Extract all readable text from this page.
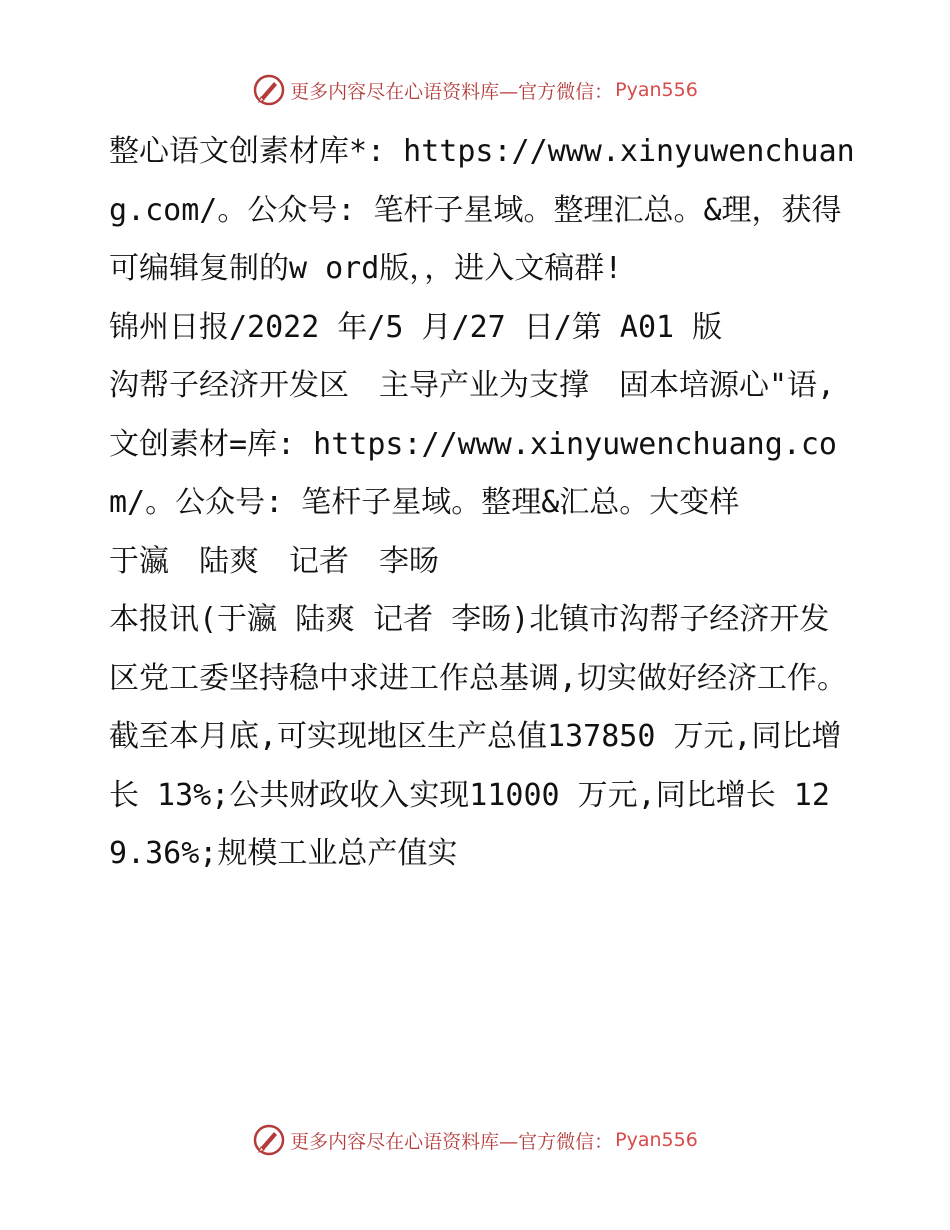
更多内容尽在心语资料库—官方微信： Pyan556

整心语文创素材库*: https://www.xinyuwenchuang.com/。公众号: 笔杆子星域。整理汇总。&理，获得可编辑复制的w ord版，，进入文稿群!

锦州日报/2022 年/5 月/27 日/第 A01 版

沟帮子经济开发区　主导产业为支撑　固本培源心"语,文创素材=库: https://www.xinyuwenchuang.com/。公众号: 笔杆子星域。整理&汇总。大变样

于瀛　陆爽　记者　李旸

本报讯(于瀛 陆爽 记者 李旸)北镇市沟帮子经济开发区党工委坚持稳中求进工作总基调,切实做好经济工作。 截至本月底,可实现地区生产总值137850 万元,同比增长 13%;公共财政收入实现11000 万元,同比增长 129.36%;规模工业总产值实

更多内容尽在心语资料库—官方微信： Pyan556
